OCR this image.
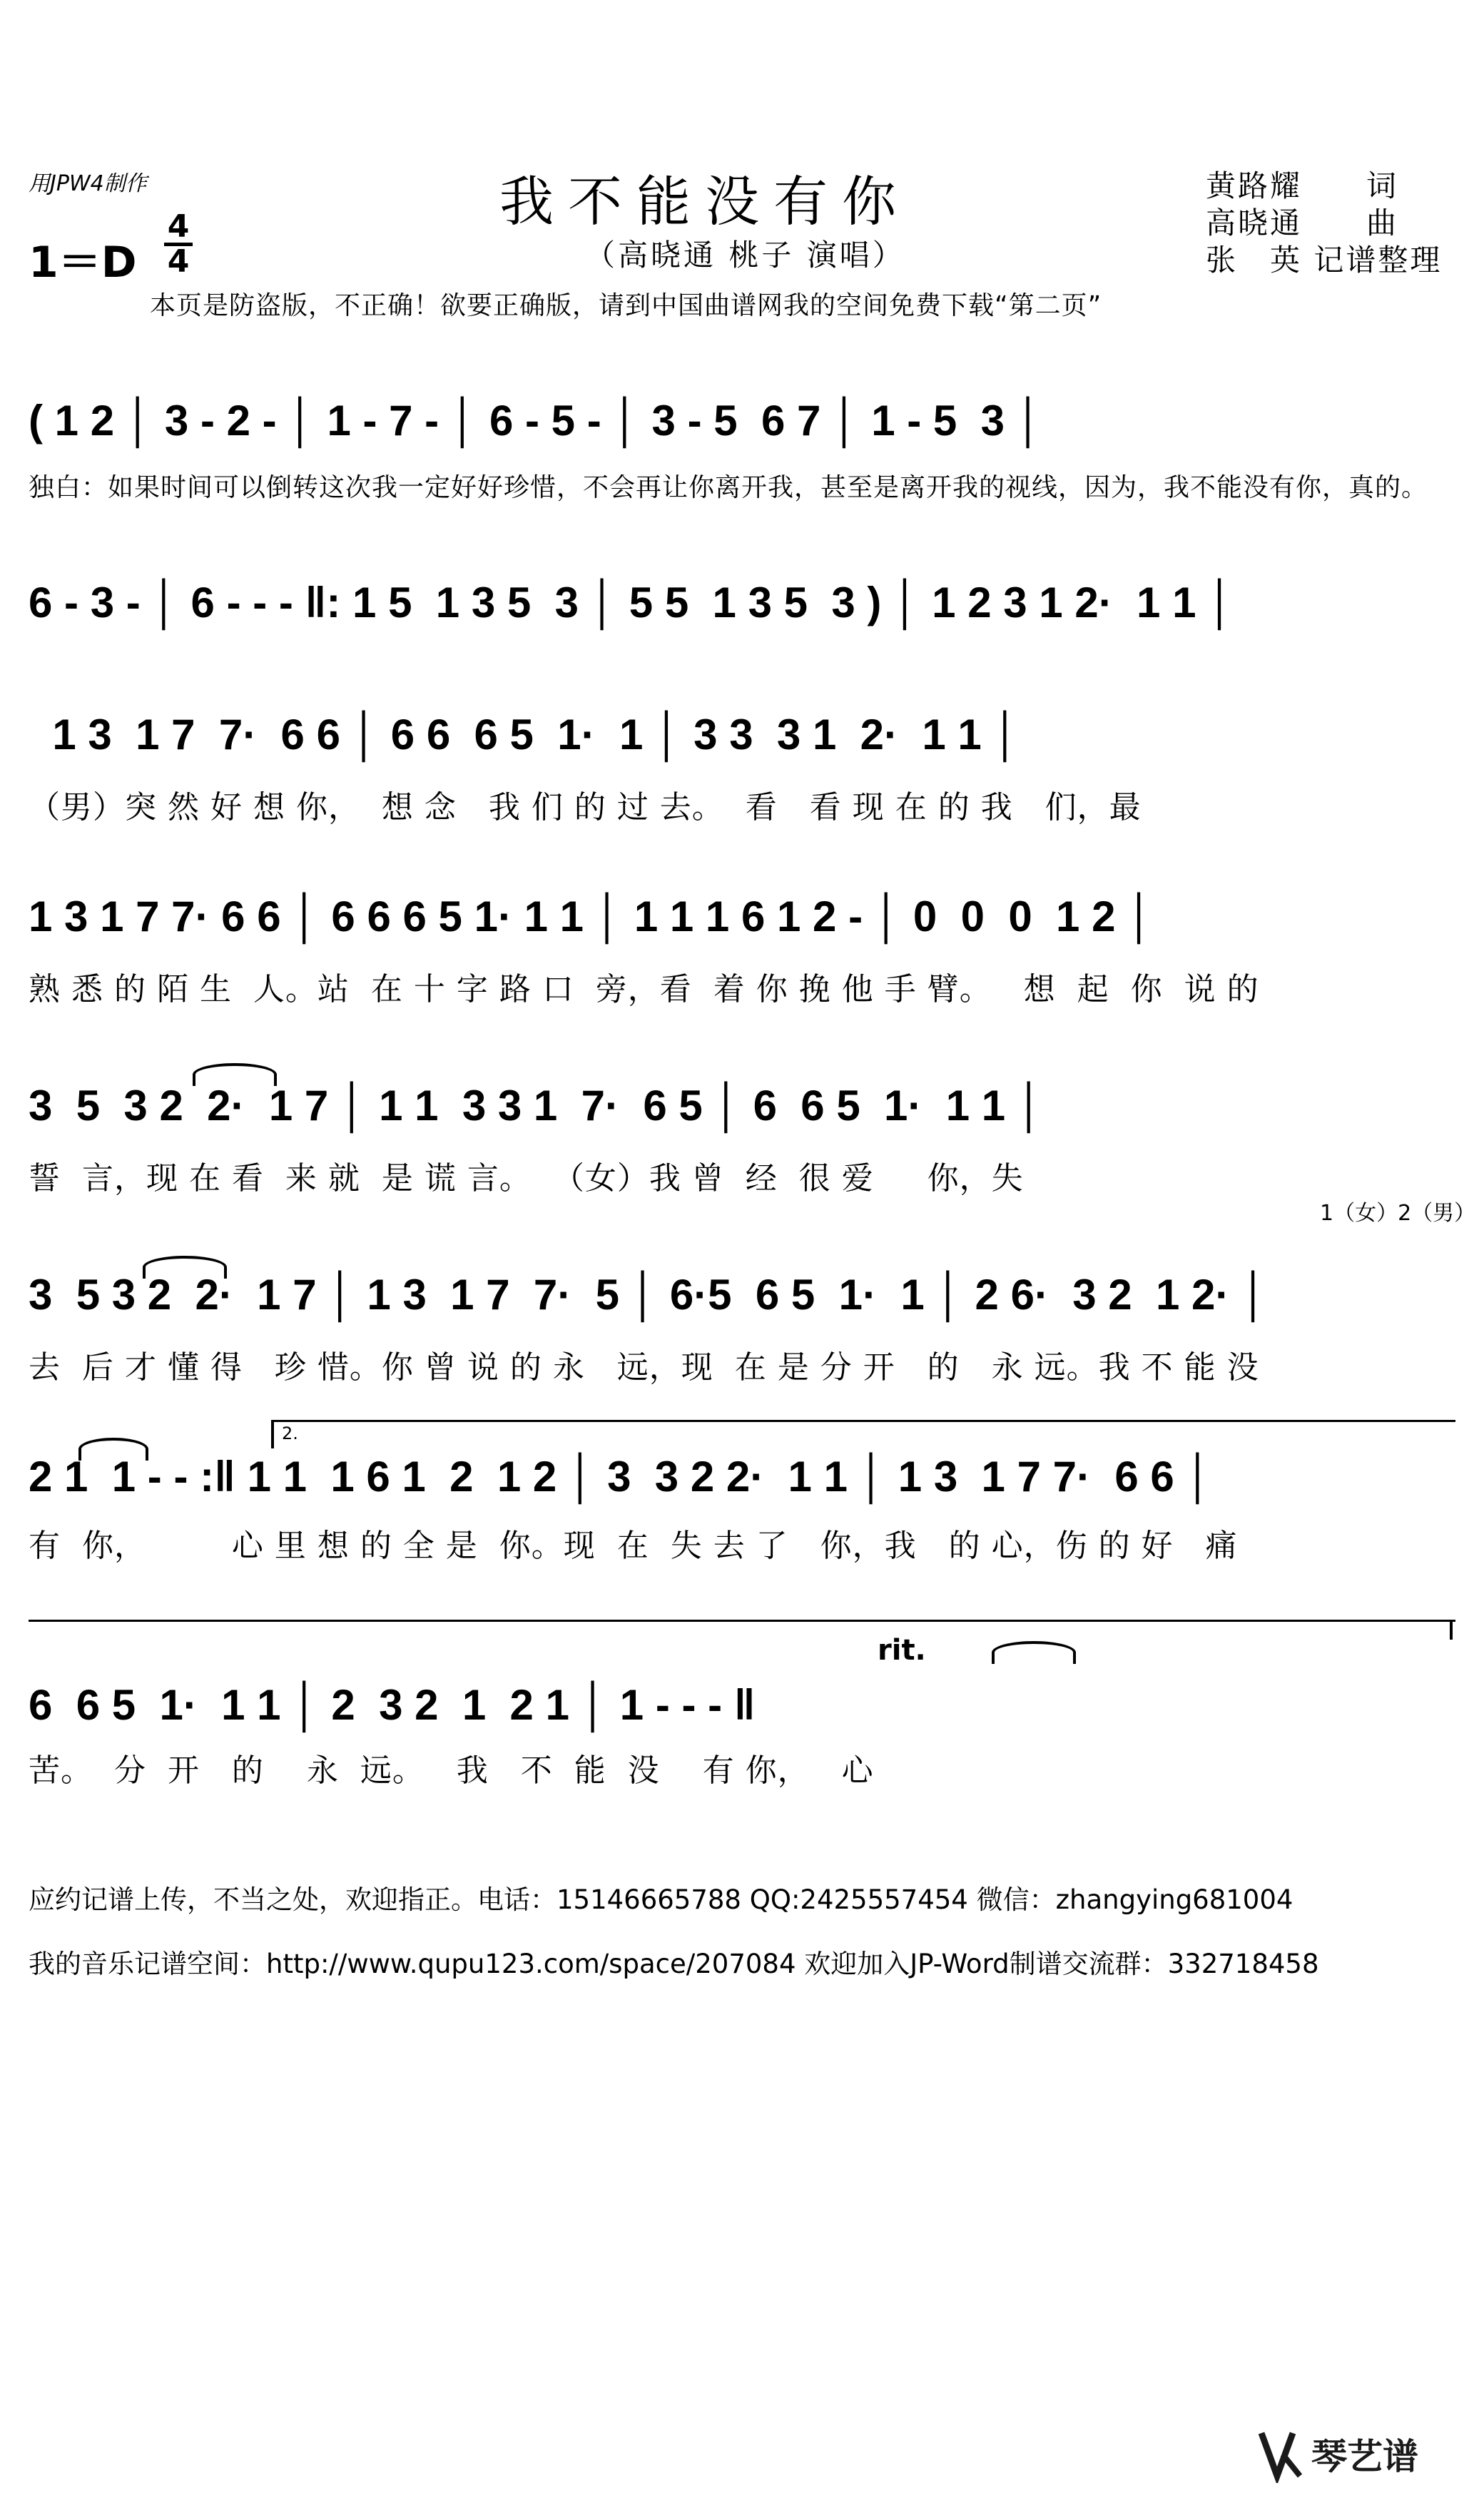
用JPW4制作	我不能没有你
（高晓通 桃子 演唱）
黄路耀　　词
高晓通　　曲
张　英 记谱整理
1＝D
4
4
本页是防盗版，不正确！欲要正确版，请到中国曲谱网我的空间免费下载“第二页”
( 1 2 │ 3 - 2 - │ 1 - 7 - │ 6 - 5 - │ 3 - 5  6 7 │ 1 - 5  3 │
独白：如果时间可以倒转这次我一定好好珍惜，不会再让你离开我，甚至是离开我的视线，因为，我不能没有你，真的。
6 - 3 - │ 6 - - - ‖: 1 5  1 3 5  3 │ 5 5  1 3 5  3 ) │ 1 2 3 1 2·  1 1 │
1 3  1 7  7·  6 6 │ 6 6  6 5  1·  1 │ 3 3  3 1  2·  1 1 │
（男）突 然 好 想 你，  想 念   我 们 的 过 去。  看   看 现 在 的 我   们，最
1 3 1 7 7· 6 6 │ 6 6 6 5 1· 1 1 │ 1 1 1 6 1 2 - │ 0  0  0  1 2 │
熟 悉 的 陌 生  人。站  在 十 字 路 口  旁，看  着 你 挽 他 手 臂。   想  起  你  说 的
3  5  3 2  2·  1 7 │ 1 1  3 3 1  7·  6 5 │ 6  6 5  1·  1 1 │
誓  言，现 在 看  来 就  是 谎 言。  （女）我 曾  经  很 爱     你，失
1（女）2（男）
3  5 3 2  2·  1 7 │ 1 3  1 7  7·  5 │ 6·5  6 5  1·  1 │ 2 6·  3 2  1 2· │
去  后 才 懂 得   珍 惜。你 曾 说 的 永   远，现  在 是 分 开   的   永 远。我 不 能 没
2.
2 1  1 - - :‖ 1 1  1 6 1  2  1 2 │ 3  3 2 2·  1 1 │ 1 3  1 7 7·  6 6 │
有  你，        心 里 想 的 全 是  你。现  在  失 去 了   你，我   的 心，伤 的 好   痛
rit.
6  6 5  1·  1 1 │ 2  3 2  1  2 1 │ 1 - - - ‖
苦。  分  开   的    永  远。   我   不  能  没    有 你，   心
应约记谱上传，不当之处，欢迎指正。电话：15146665788 QQ:2425557454 微信：zhangying681004
我的音乐记谱空间：http://www.qupu123.com/space/207084 欢迎加入JP-Word制谱交流群：332718458
琴艺谱
